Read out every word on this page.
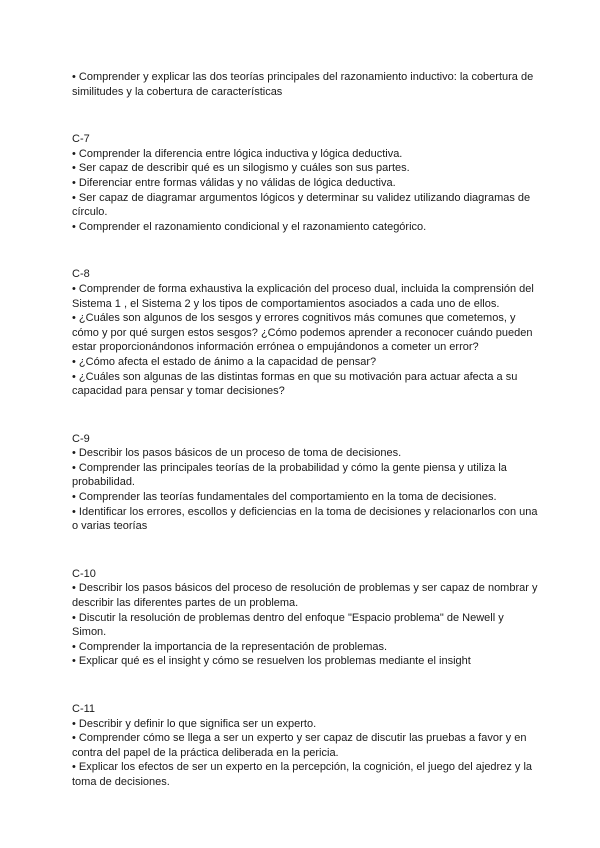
• Comprender y explicar las dos teorías principales del razonamiento inductivo: la cobertura de similitudes y la cobertura de características

C-7

• Comprender la diferencia entre lógica inductiva y lógica deductiva.
• Ser capaz de describir qué es un silogismo y cuáles son sus partes.
• Diferenciar entre formas válidas y no válidas de lógica deductiva.
• Ser capaz de diagramar argumentos lógicos y determinar su validez utilizando diagramas de círculo.
• Comprender el razonamiento condicional y el razonamiento categórico.

C-8

• Comprender de forma exhaustiva la explicación del proceso dual, incluida la comprensión del Sistema 1 , el Sistema 2 y los tipos de comportamientos asociados a cada uno de ellos.
• ¿Cuáles son algunos de los sesgos y errores cognitivos más comunes que cometemos, y cómo y por qué surgen estos sesgos? ¿Cómo podemos aprender a reconocer cuándo pueden estar proporcionándonos información errónea o empujándonos a cometer un error?
• ¿Cómo afecta el estado de ánimo a la capacidad de pensar?
• ¿Cuáles son algunas de las distintas formas en que su motivación para actuar afecta a su capacidad para pensar y tomar decisiones?

C-9

• Describir los pasos básicos de un proceso de toma de decisiones.
• Comprender las principales teorías de la probabilidad y cómo la gente piensa y utiliza la probabilidad.
• Comprender las teorías fundamentales del comportamiento en la toma de decisiones.
• Identificar los errores, escollos y deficiencias en la toma de decisiones y relacionarlos con una o varias teorías

C-10

• Describir los pasos básicos del proceso de resolución de problemas y ser capaz de nombrar y describir las diferentes partes de un problema.
• Discutir la resolución de problemas dentro del enfoque "Espacio problema" de Newell y Simon.
• Comprender la importancia de la representación de problemas.
• Explicar qué es el insight y cómo se resuelven los problemas mediante el insight

C-11

• Describir y definir lo que significa ser un experto.
• Comprender cómo se llega a ser un experto y ser capaz de discutir las pruebas a favor y en contra del papel de la práctica deliberada en la pericia.
• Explicar los efectos de ser un experto en la percepción, la cognición, el juego del ajedrez y la toma de decisiones.
